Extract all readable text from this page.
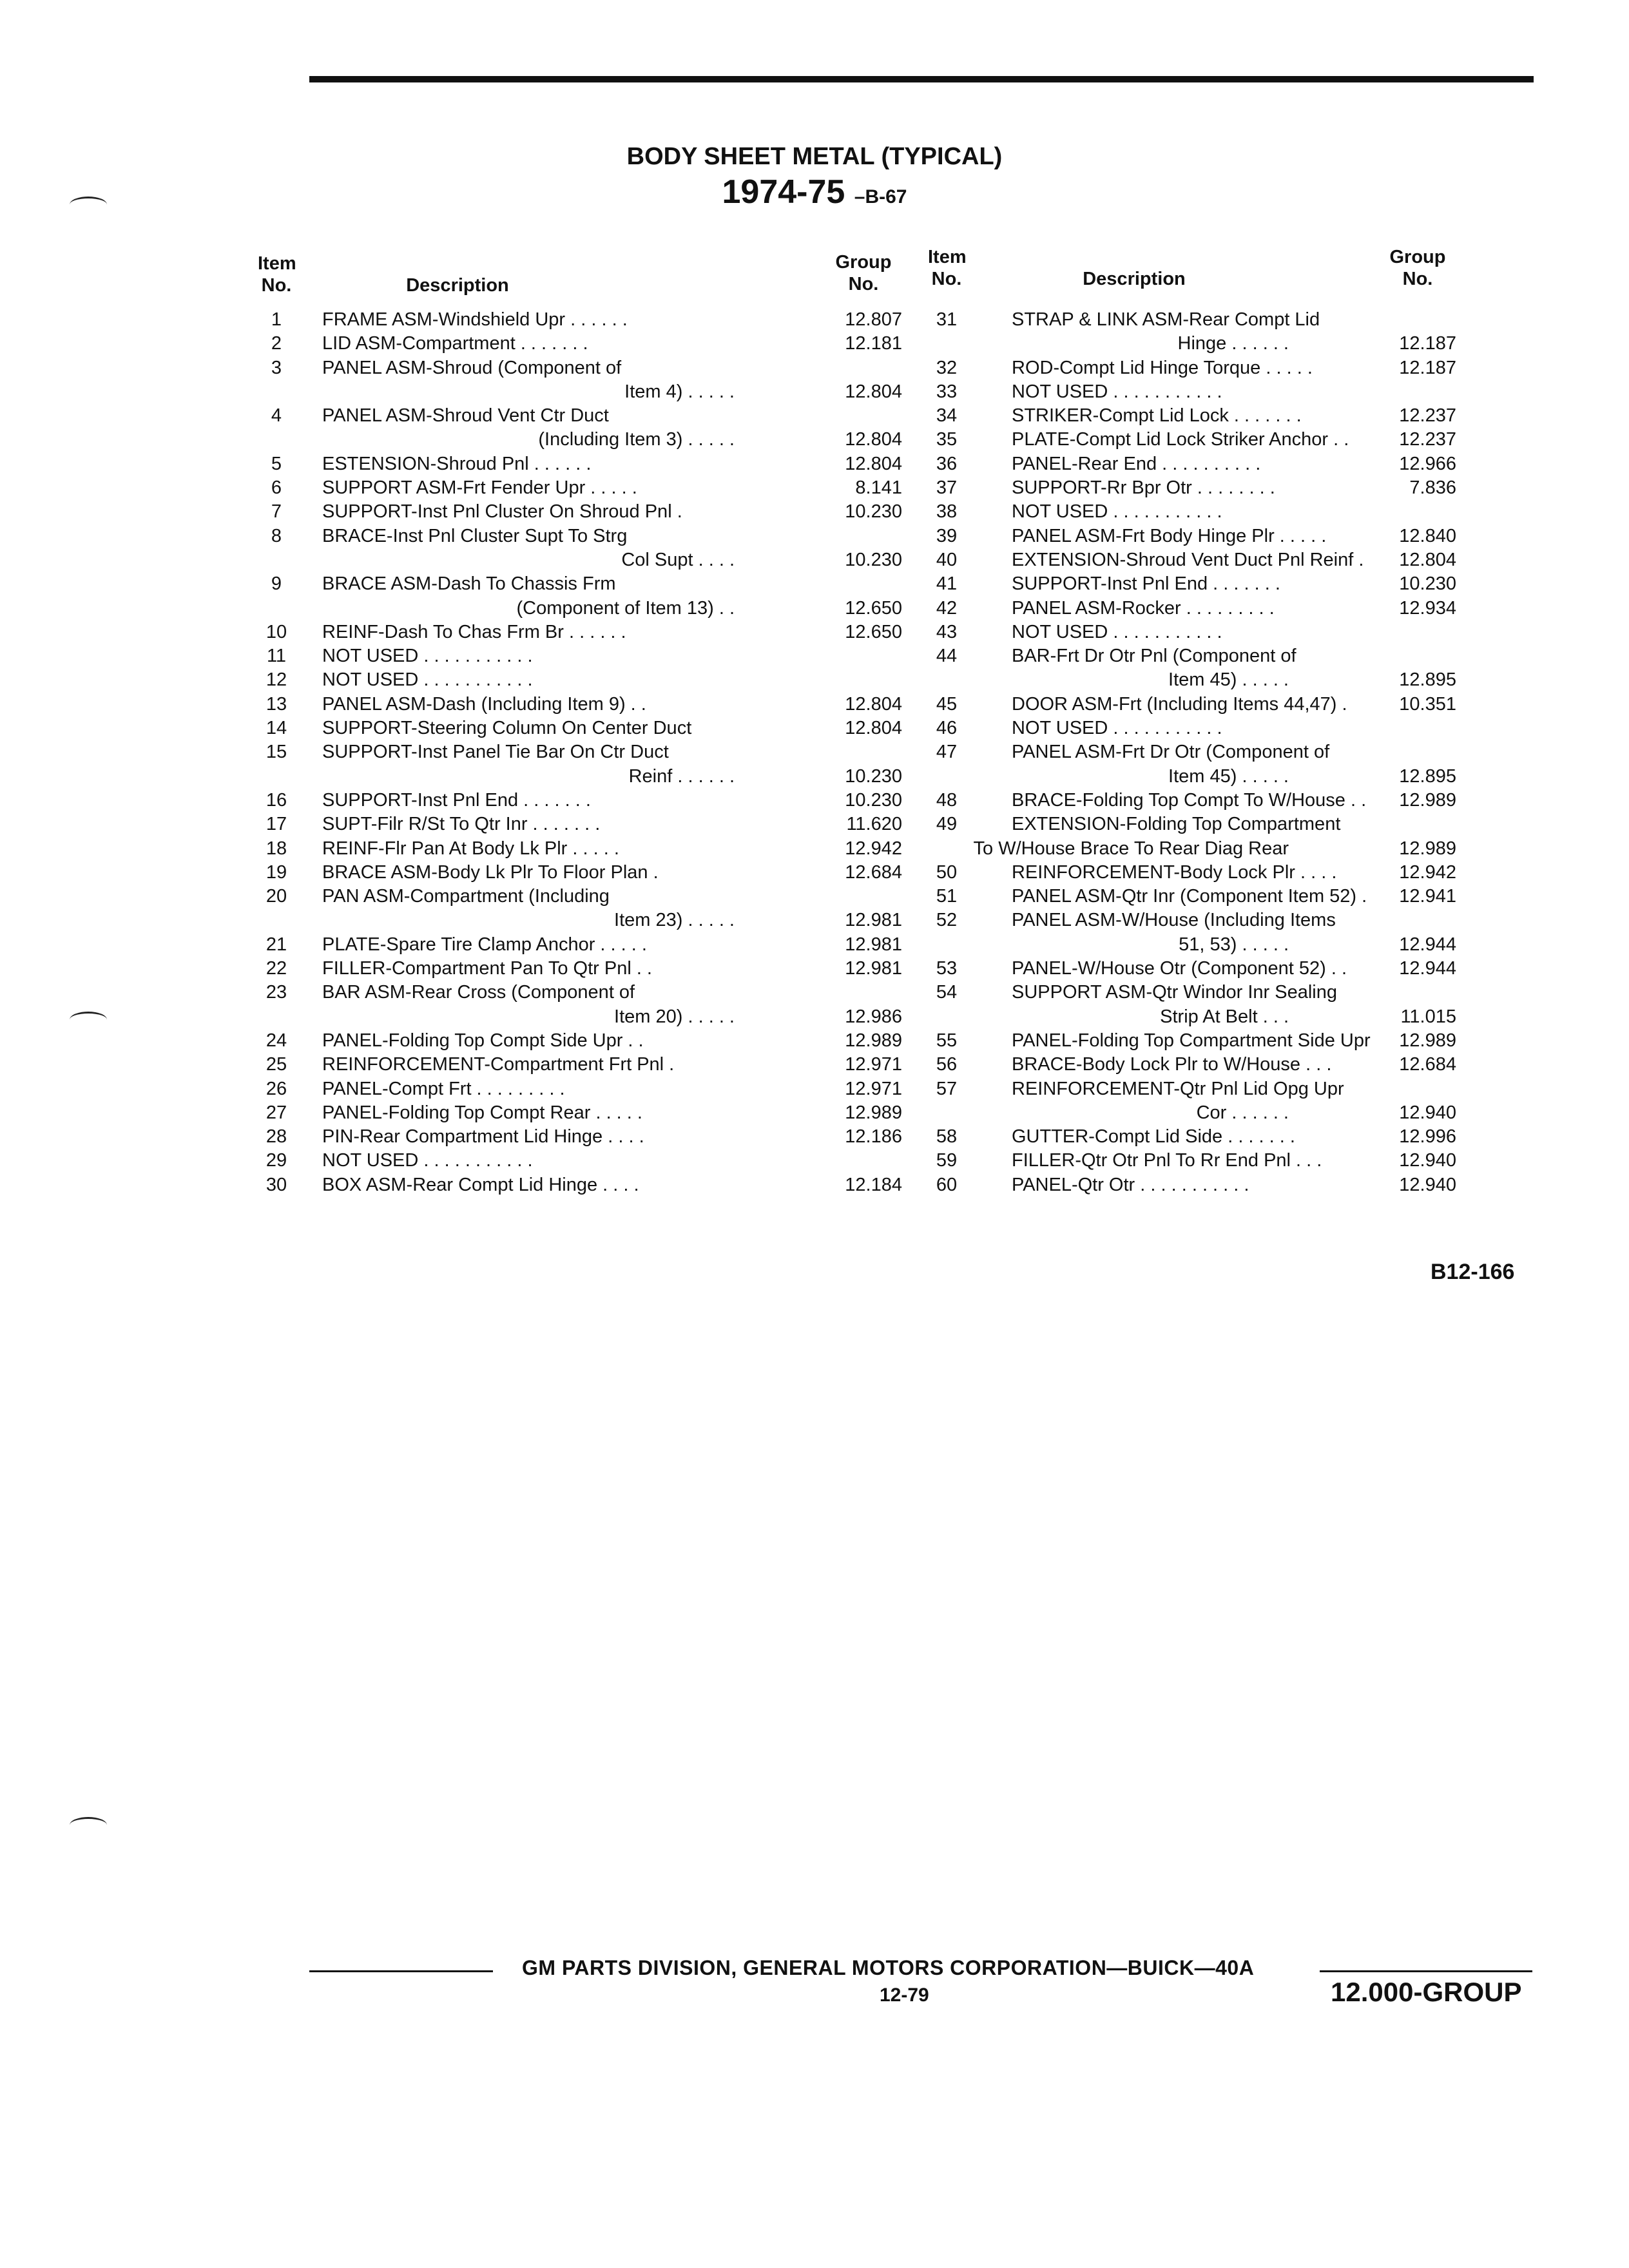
BODY SHEET METAL (TYPICAL)
1974-75 –B-67
Item
No.	Description
Group
No.
1	FRAME ASM-Windshield Upr . . . . . .	12.807
2	LID ASM-Compartment . . . . . . .	12.181
3	PANEL ASM-Shroud (Component of
Item 4) . . . . .	12.804
4	PANEL ASM-Shroud Vent Ctr Duct
(Including Item 3) . . . . .	12.804
5	ESTENSION-Shroud Pnl . . . . . .	12.804
6	SUPPORT ASM-Frt Fender Upr . . . . .	8.141
7	SUPPORT-Inst Pnl Cluster On Shroud Pnl .	10.230
8	BRACE-Inst Pnl Cluster Supt To Strg
Col Supt . . . .	10.230
9	BRACE ASM-Dash To Chassis Frm
(Component of Item 13) . .	12.650
10	REINF-Dash To Chas Frm Br . . . . . .	12.650
11	NOT USED . . . . . . . . . . .
12	NOT USED . . . . . . . . . . .
13	PANEL ASM-Dash (Including Item 9) . .	12.804
14	SUPPORT-Steering Column On Center Duct	12.804
15	SUPPORT-Inst Panel Tie Bar On Ctr Duct
Reinf . . . . . .	10.230
16	SUPPORT-Inst Pnl End . . . . . . .	10.230
17	SUPT-Filr R/St To Qtr Inr . . . . . . .	11.620
18	REINF-Flr Pan At Body Lk Plr . . . . .	12.942
19	BRACE ASM-Body Lk Plr To Floor Plan .	12.684
20	PAN ASM-Compartment (Including
Item 23) . . . . .	12.981
21	PLATE-Spare Tire Clamp Anchor . . . . .	12.981
22	FILLER-Compartment Pan To Qtr Pnl . .	12.981
23	BAR ASM-Rear Cross (Component of
Item 20) . . . . .	12.986
24	PANEL-Folding Top Compt Side Upr . .	12.989
25	REINFORCEMENT-Compartment Frt Pnl .	12.971
26	PANEL-Compt Frt . . . . . . . . .	12.971
27	PANEL-Folding Top Compt Rear . . . . .	12.989
28	PIN-Rear Compartment Lid Hinge . . . .	12.186
29	NOT USED . . . . . . . . . . .
30	BOX ASM-Rear Compt Lid Hinge . . . .	12.184
Item
No.	Description
Group
No.
31	STRAP & LINK ASM-Rear Compt Lid
Hinge . . . . . .	12.187
32	ROD-Compt Lid Hinge Torque . . . . .	12.187
33	NOT USED . . . . . . . . . . .
34	STRIKER-Compt Lid Lock . . . . . . .	12.237
35	PLATE-Compt Lid Lock Striker Anchor . .	12.237
36	PANEL-Rear End . . . . . . . . . .	12.966
37	SUPPORT-Rr Bpr Otr . . . . . . . .	7.836
38	NOT USED . . . . . . . . . . .
39	PANEL ASM-Frt Body Hinge Plr . . . . .	12.840
40	EXTENSION-Shroud Vent Duct Pnl Reinf .	12.804
41	SUPPORT-Inst Pnl End . . . . . . .	10.230
42	PANEL ASM-Rocker . . . . . . . . .	12.934
43	NOT USED . . . . . . . . . . .
44	BAR-Frt Dr Otr Pnl (Component of
Item 45) . . . . .	12.895
45	DOOR ASM-Frt (Including Items 44,47) .	10.351
46	NOT USED . . . . . . . . . . .
47	PANEL ASM-Frt Dr Otr (Component of
Item 45) . . . . .	12.895
48	BRACE-Folding Top Compt To W/House . .	12.989
49	EXTENSION-Folding Top Compartment
To W/House Brace To Rear Diag Rear	12.989
50	REINFORCEMENT-Body Lock Plr . . . .	12.942
51	PANEL ASM-Qtr Inr (Component Item 52) .	12.941
52	PANEL ASM-W/House (Including Items
51, 53) . . . . .	12.944
53	PANEL-W/House Otr (Component 52) . .	12.944
54	SUPPORT ASM-Qtr Windor Inr Sealing
Strip At Belt . . .	11.015
55	PANEL-Folding Top Compartment Side Upr	12.989
56	BRACE-Body Lock Plr to W/House . . .	12.684
57	REINFORCEMENT-Qtr Pnl Lid Opg Upr
Cor . . . . . .	12.940
58	GUTTER-Compt Lid Side . . . . . . .	12.996
59	FILLER-Qtr Otr Pnl To Rr End Pnl . . .	12.940
60	PANEL-Qtr Otr . . . . . . . . . . .	12.940
B12-166
GM PARTS DIVISION, GENERAL MOTORS CORPORATION—BUICK—40A
12-79	12.000-GROUP
